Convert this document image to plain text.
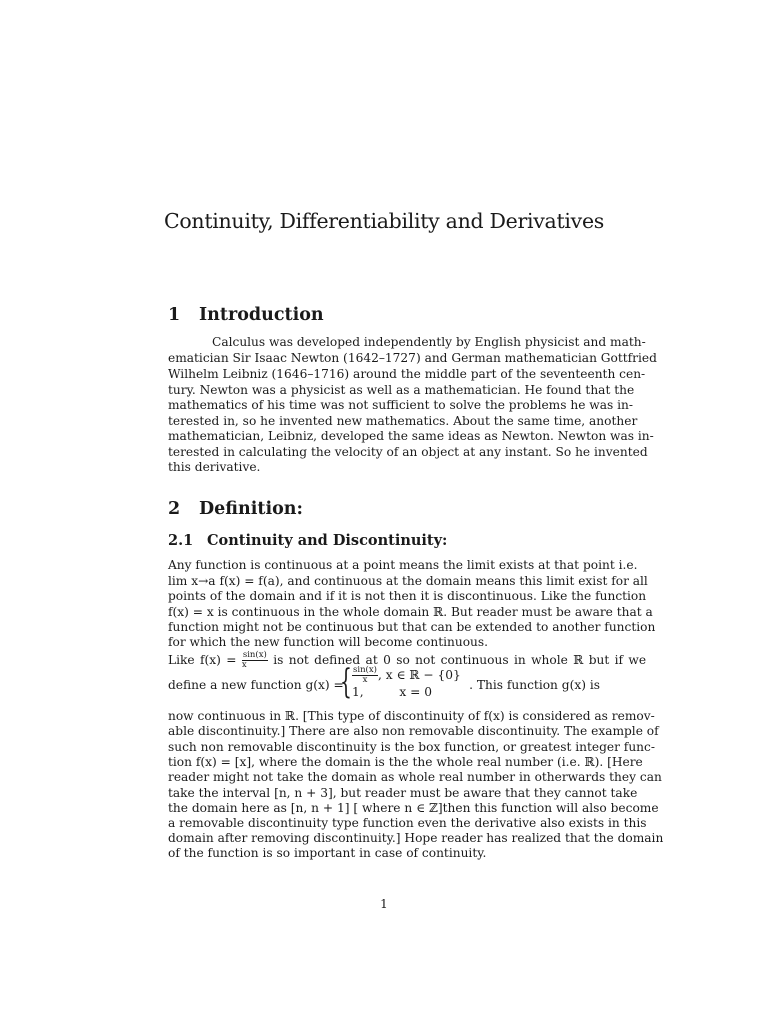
Continuity, Differentiability and Derivatives
1 Introduction
Calculus was developed independently by English physicist and math-
ematician Sir Isaac Newton (1642–1727) and German mathematician Gottfried
Wilhelm Leibniz (1646–1716) around the middle part of the seventeenth cen-
tury. Newton was a physicist as well as a mathematician. He found that the
mathematics of his time was not sufficient to solve the problems he was in-
terested in, so he invented new mathematics. About the same time, another
mathematician, Leibniz, developed the same ideas as Newton. Newton was in-
terested in calculating the velocity of an object at any instant. So he invented
this derivative.
2 Definition:
2.1 Continuity and Discontinuity:
Any function is continuous at a point means the limit exists at that point i.e.
lim x→a f(x) = f(a), and continuous at the domain means this limit exist for all
points of the domain and if it is not then it is discontinuous. Like the function
f(x) = x is continuous in the whole domain ℝ. But reader must be aware that a
function might not be continuous but that can be extended to another function
for which the new function will become continuous.
Like $f(x) = \frac{\sin(x)}{x}$ is not defined at 0 so not continuous in whole ℝ but if we
define a new function g(x) =
{ $\frac{\sin(x)}{x}$ , x ∈ ℝ − {0}
1,	x = 0	. This function g(x) is
now continuous in ℝ. [This type of discontinuity of f(x) is considered as remov-
able discontinuity.] There are also non removable discontinuity. The example of
such non removable discontinuity is the box function, or greatest integer func-
tion f(x) = [x], where the domain is the the whole real number (i.e. ℝ). [Here
reader might not take the domain as whole real number in otherwards they can
take the interval [n, n + 3], but reader must be aware that they cannot take
the domain here as [n, n + 1] [ where n ∈ ℤ]then this function will also become
a removable discontinuity type function even the derivative also exists in this
domain after removing discontinuity.] Hope reader has realized that the domain
of the function is so important in case of continuity.
1
